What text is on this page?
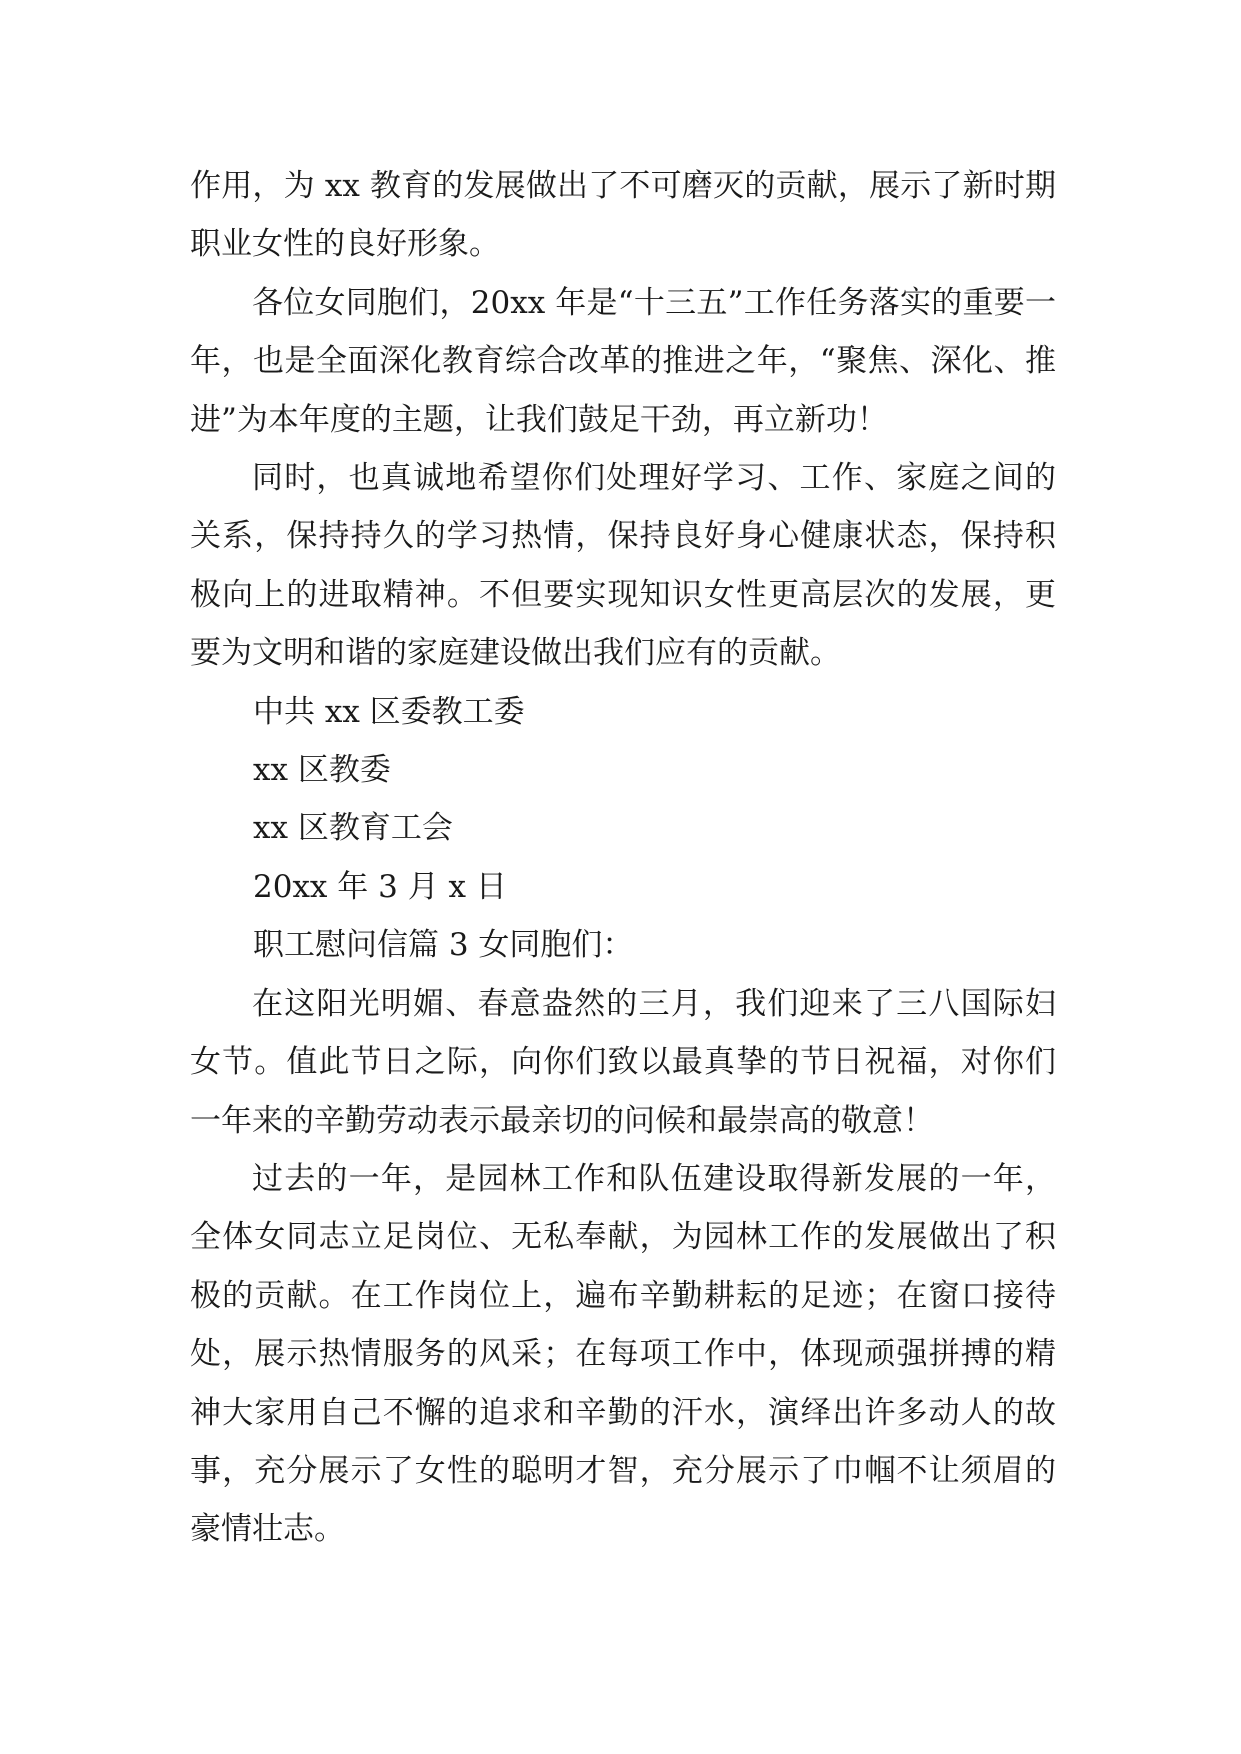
作用，为 xx 教育的发展做出了不可磨灭的贡献，展示了新时期职业女性的良好形象。

各位女同胞们，20xx 年是“十三五”工作任务落实的重要一年，也是全面深化教育综合改革的推进之年，“聚焦、深化、推进”为本年度的主题，让我们鼓足干劲，再立新功！

同时，也真诚地希望你们处理好学习、工作、家庭之间的关系，保持持久的学习热情，保持良好身心健康状态，保持积极向上的进取精神。不但要实现知识女性更高层次的发展，更要为文明和谐的家庭建设做出我们应有的贡献。

中共 xx 区委教工委

xx 区教委

xx 区教育工会

20xx 年 3 月 x 日

职工慰问信篇 3 女同胞们：

在这阳光明媚、春意盎然的三月，我们迎来了三八国际妇女节。值此节日之际，向你们致以最真挚的节日祝福，对你们一年来的辛勤劳动表示最亲切的问候和最崇高的敬意！

过去的一年，是园林工作和队伍建设取得新发展的一年，全体女同志立足岗位、无私奉献，为园林工作的发展做出了积极的贡献。在工作岗位上，遍布辛勤耕耘的足迹；在窗口接待处，展示热情服务的风采；在每项工作中，体现顽强拼搏的精神大家用自己不懈的追求和辛勤的汗水，演绎出许多动人的故事，充分展示了女性的聪明才智，充分展示了巾帼不让须眉的豪情壮志。
